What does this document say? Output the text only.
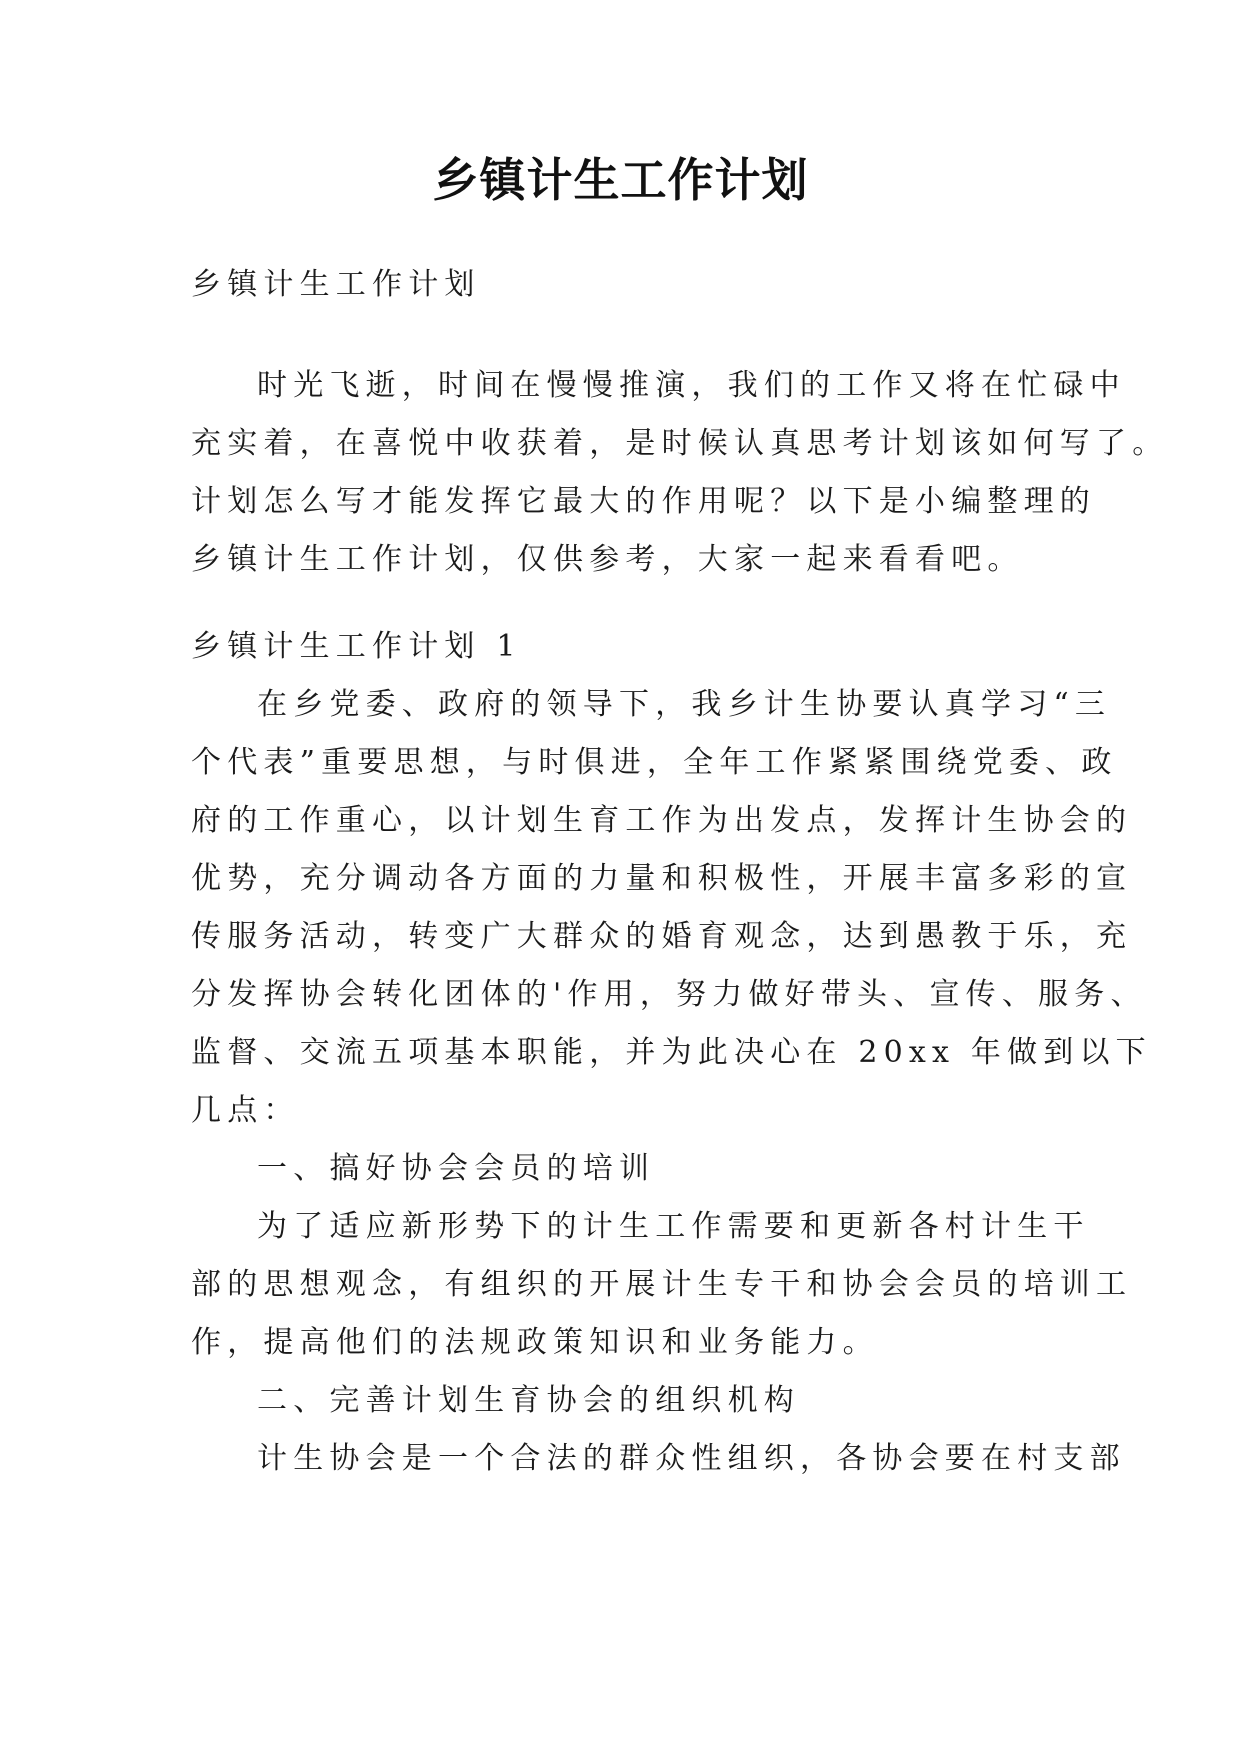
乡镇计生工作计划
乡镇计生工作计划
时光飞逝，时间在慢慢推演，我们的工作又将在忙碌中
充实着，在喜悦中收获着，是时候认真思考计划该如何写了。
计划怎么写才能发挥它最大的作用呢？以下是小编整理的
乡镇计生工作计划，仅供参考，大家一起来看看吧。
乡镇计生工作计划 1
在乡党委、政府的领导下，我乡计生协要认真学习“三
个代表”重要思想，与时俱进，全年工作紧紧围绕党委、政
府的工作重心，以计划生育工作为出发点，发挥计生协会的
优势，充分调动各方面的力量和积极性，开展丰富多彩的宣
传服务活动，转变广大群众的婚育观念，达到愚教于乐，充
分发挥协会转化团体的'作用，努力做好带头、宣传、服务、
监督、交流五项基本职能，并为此决心在 20xx 年做到以下
几点：
一、搞好协会会员的培训
为了适应新形势下的计生工作需要和更新各村计生干
部的思想观念，有组织的开展计生专干和协会会员的培训工
作，提高他们的法规政策知识和业务能力。
二、完善计划生育协会的组织机构
计生协会是一个合法的群众性组织，各协会要在村支部
